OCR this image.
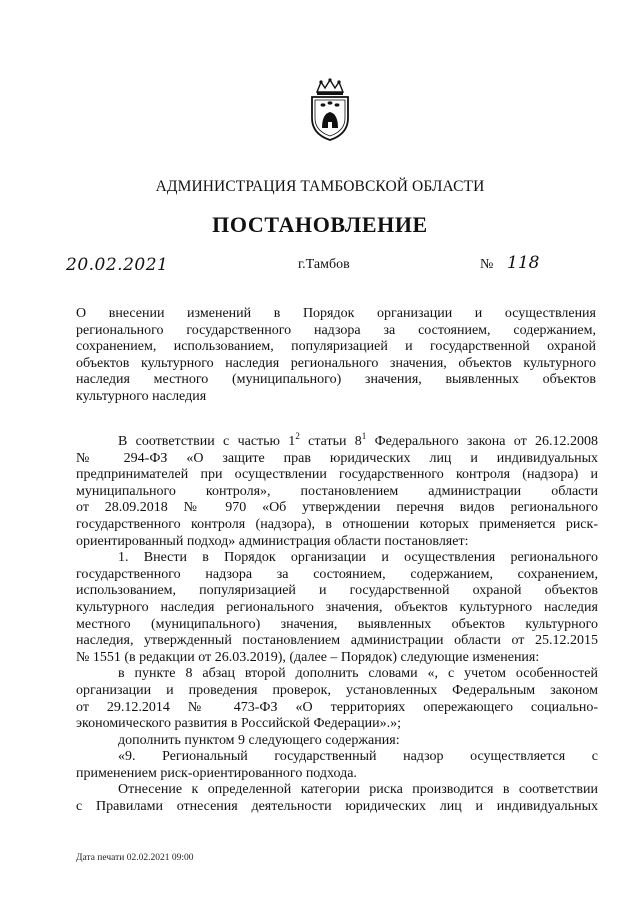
АДМИНИСТРАЦИЯ ТАМБОВСКОЙ ОБЛАСТИ
ПОСТАНОВЛЕНИЕ
20.02.2021	г.Тамбов	№ 118
О внесении изменений в Порядок организации и осуществления
регионального государственного надзора за состоянием, содержанием,
сохранением, использованием, популяризацией и государственной охраной
объектов культурного наследия регионального значения, объектов культурного
наследия местного (муниципального) значения, выявленных объектов
культурного наследия
В соответствии с частью $1^2$ статьи $8^1$ Федерального закона от 26.12.2008
№ 294-ФЗ «О защите прав юридических лиц и индивидуальных
предпринимателей при осуществлении государственного контроля (надзора) и
муниципального контроля», постановлением администрации области
от 28.09.2018 № 970 «Об утверждении перечня видов регионального
государственного контроля (надзора), в отношении которых применяется риск-
ориентированный подход» администрация области постановляет:
1. Внести в Порядок организации и осуществления регионального
государственного надзора за состоянием, содержанием, сохранением,
использованием, популяризацией и государственной охраной объектов
культурного наследия регионального значения, объектов культурного наследия
местного (муниципального) значения, выявленных объектов культурного
наследия, утвержденный постановлением администрации области от 25.12.2015
№ 1551 (в редакции от 26.03.2019), (далее – Порядок) следующие изменения:
в пункте 8 абзац второй дополнить словами «, с учетом особенностей
организации и проведения проверок, установленных Федеральным законом
от 29.12.2014 № 473-ФЗ «О территориях опережающего социально-
экономического развития в Российской Федерации».»;
дополнить пунктом 9 следующего содержания:
«9. Региональный государственный надзор осуществляется с
применением риск-ориентированного подхода.
Отнесение к определенной категории риска производится в соответствии
с Правилами отнесения деятельности юридических лиц и индивидуальных
Дата печати 02.02.2021 09:00
